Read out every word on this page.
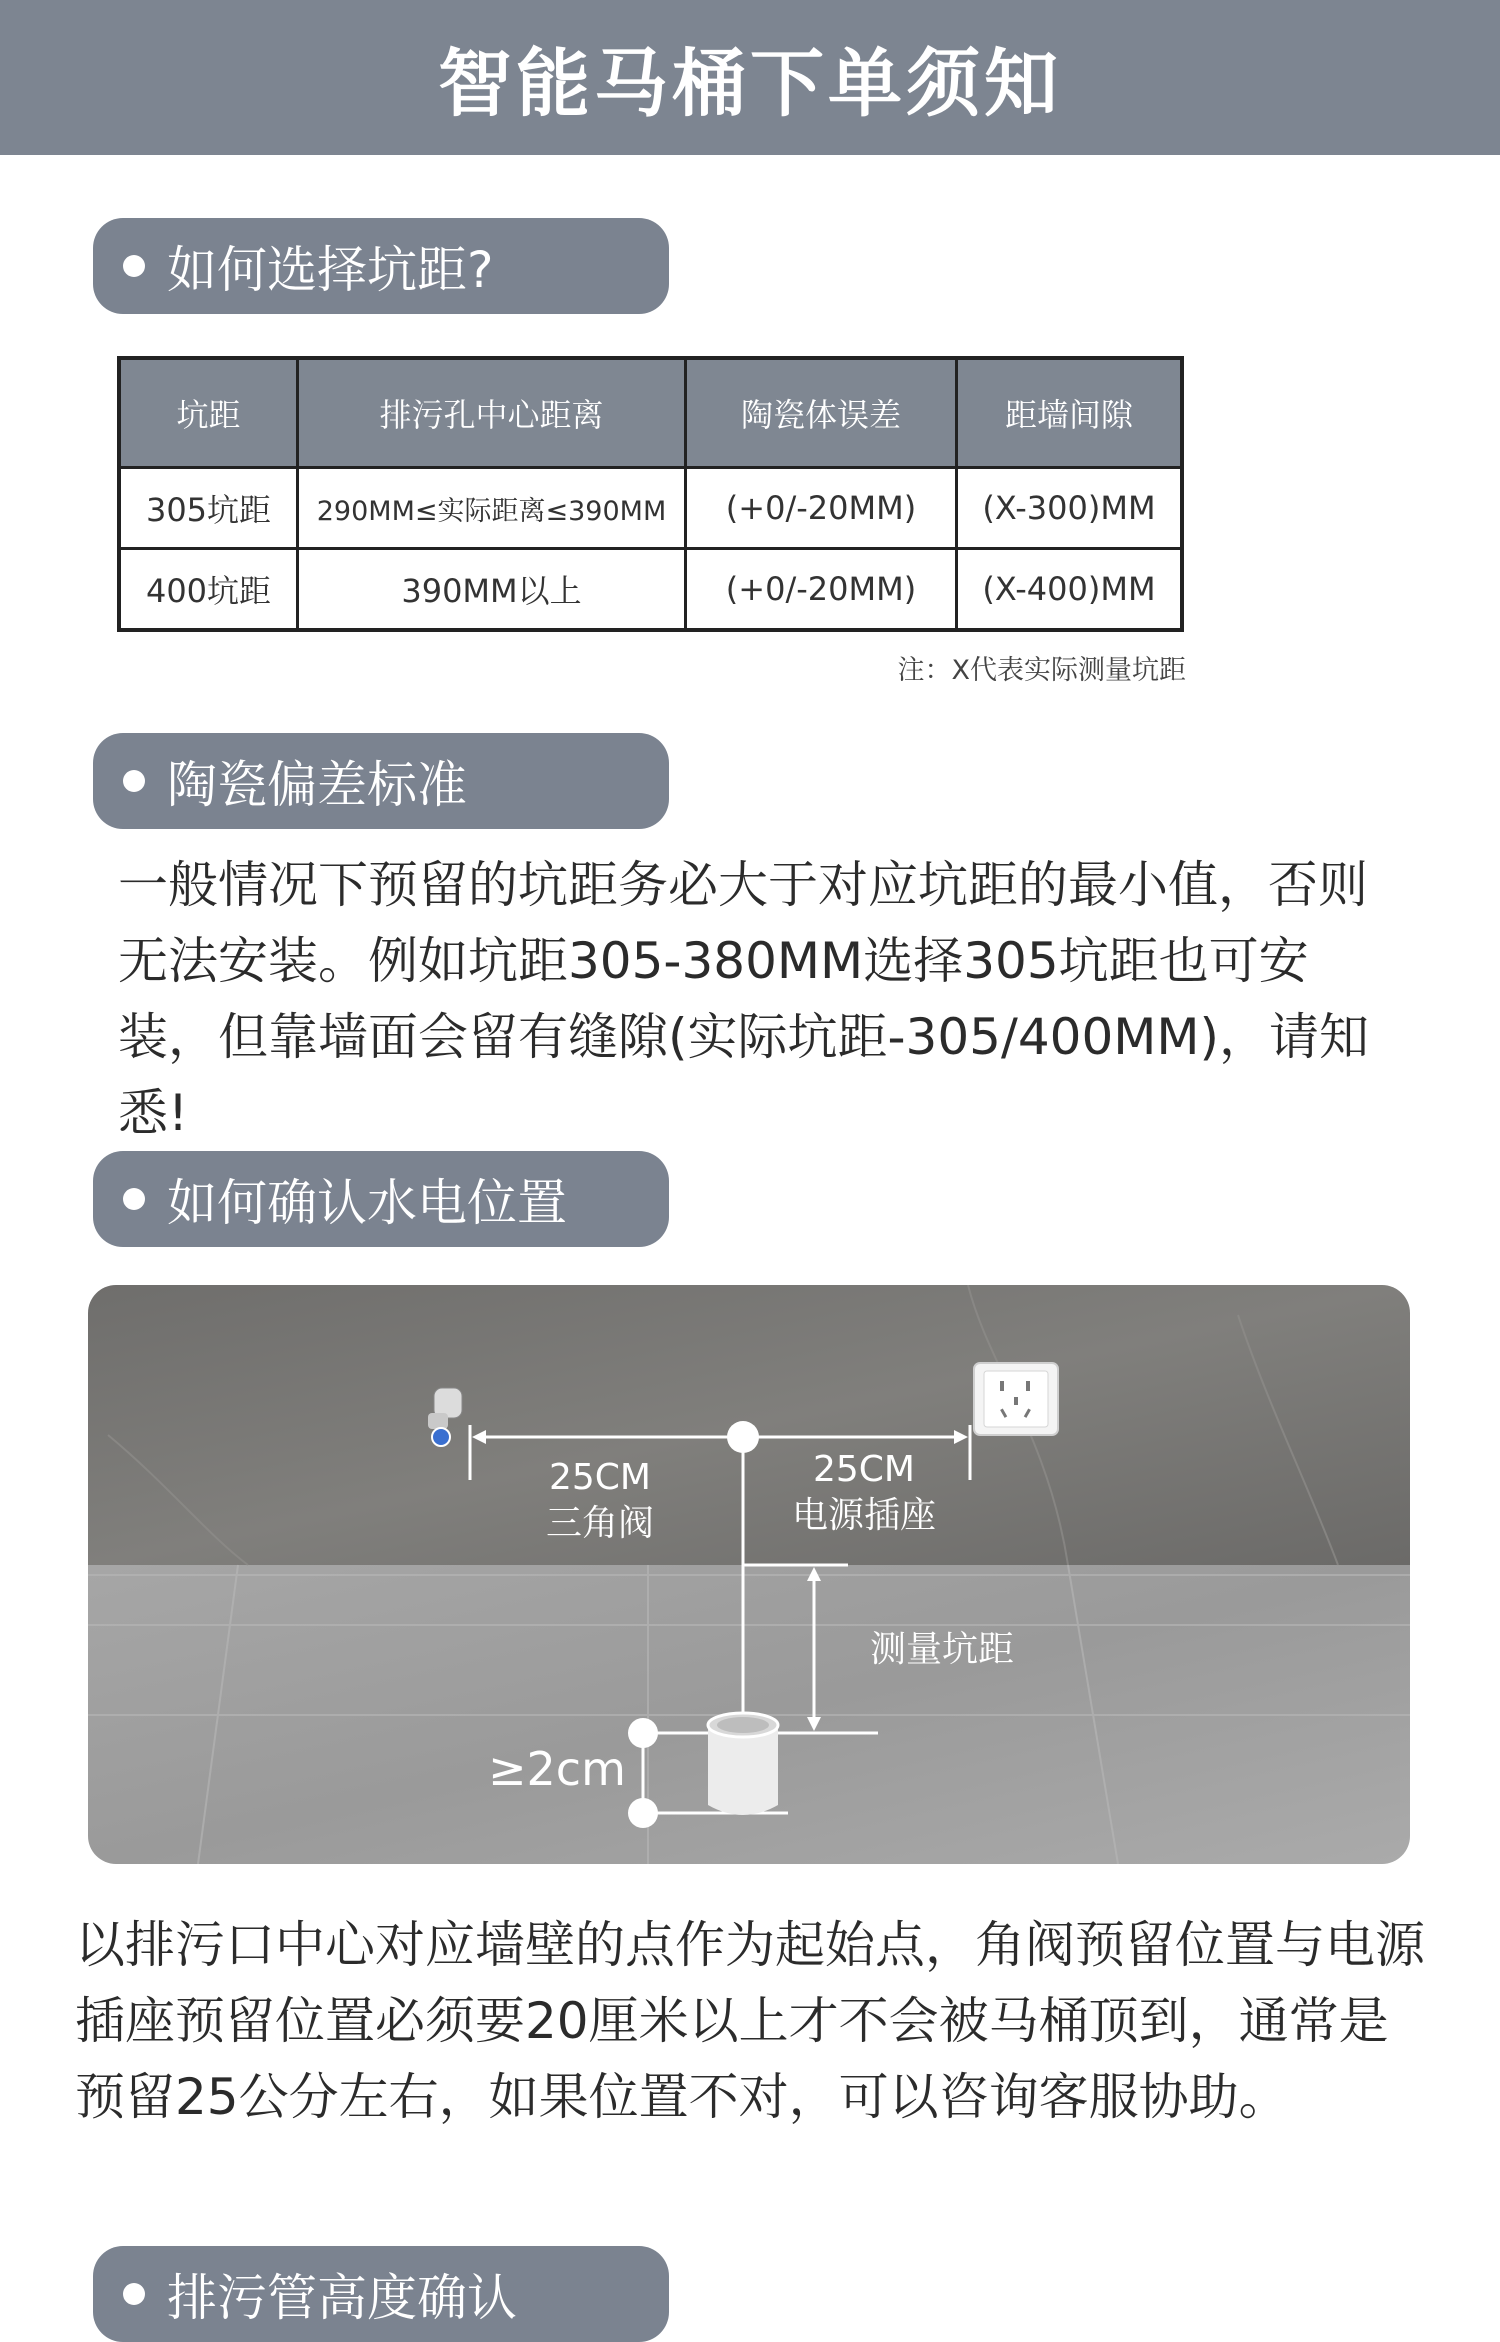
智能马桶下单须知
如何选择坑距?
坑距	排污孔中心距离	陶瓷体误差	距墙间隙
305坑距	290MM≤实际距离≤390MM	(+0/-20MM)	(X-300)MM
400坑距	390MM以上	(+0/-20MM)	(X-400)MM
注：X代表实际测量坑距
陶瓷偏差标准
一般情况下预留的坑距务必大于对应坑距的最小值，否则无法安装。例如坑距305-380MM选择305坑距也可安装，但靠墙面会留有缝隙(实际坑距-305/400MM)，请知悉!
如何确认水电位置
25CM
三角阀
25CM
电源插座
测量坑距
≥2cm
以排污口中心对应墙壁的点作为起始点，角阀预留位置与电源插座预留位置必须要20厘米以上才不会被马桶顶到，通常是预留25公分左右，如果位置不对，可以咨询客服协助。
排污管高度确认
